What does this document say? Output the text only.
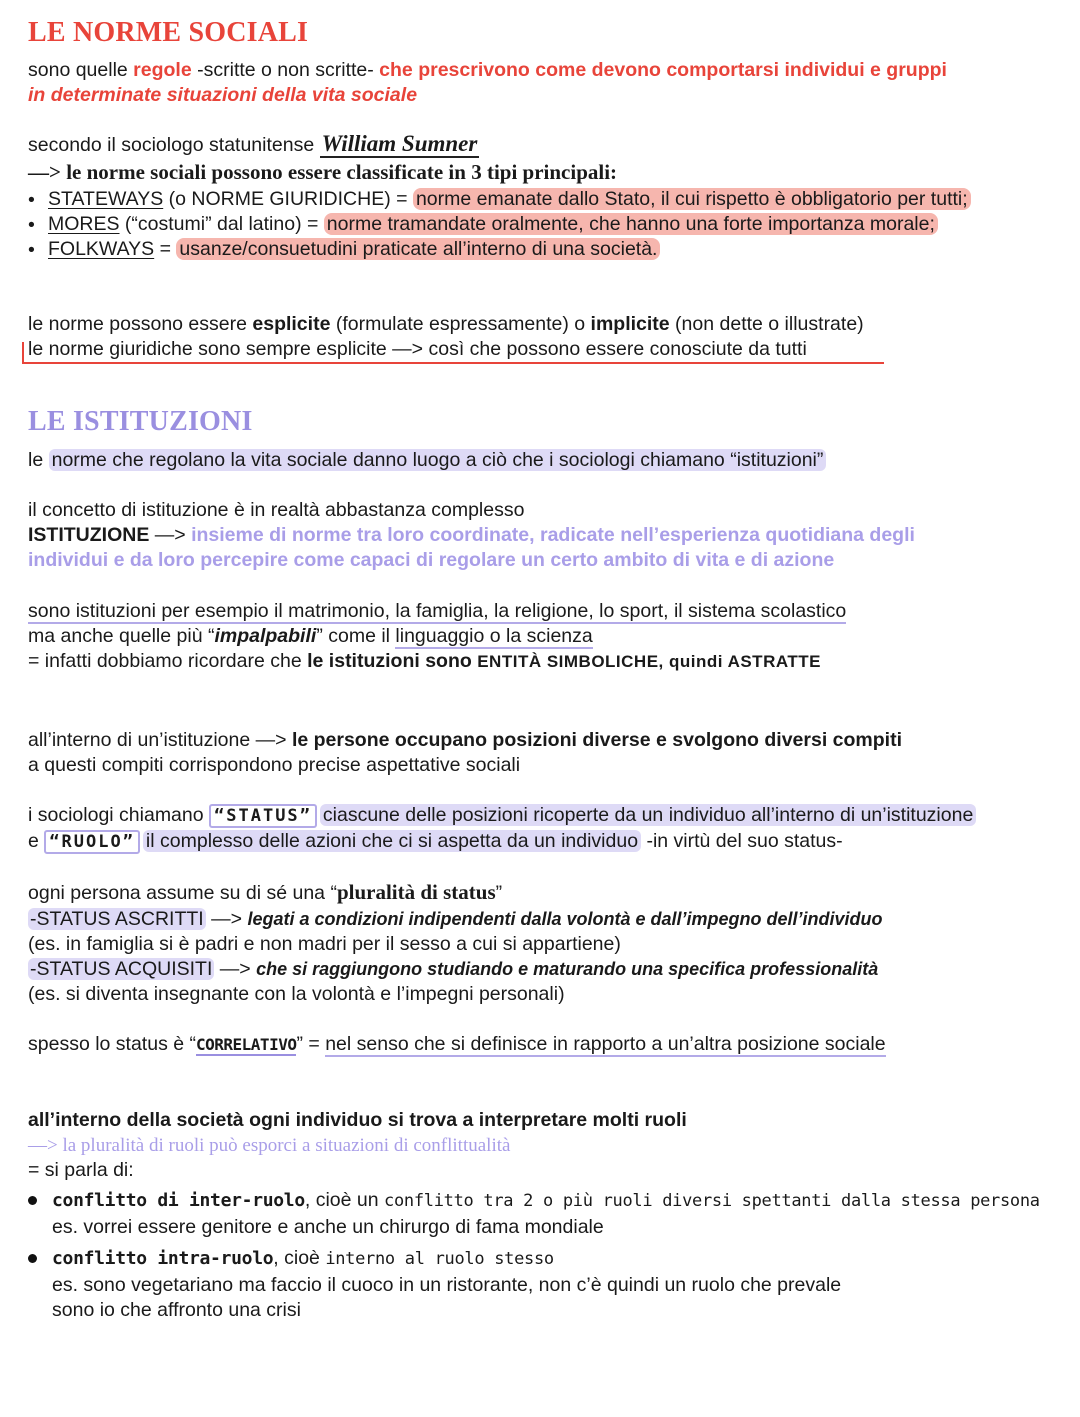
LE NORME SOCIALI
sono quelle regole -scritte o non scritte- che prescrivono come devono comportarsi individui e gruppi
in determinate situazioni della vita sociale
secondo il sociologo statunitense William Sumner
—> le norme sociali possono essere classificate in 3 tipi principali:
• STATEWAYS (o NORME GIURIDICHE) = norme emanate dallo Stato, il cui rispetto è obbligatorio per tutti;
• MORES (“costumi” dal latino) = norme tramandate oralmente, che hanno una forte importanza morale;
• FOLKWAYS = usanze/consuetudini praticate all’interno di una società.
le norme possono essere esplicite (formulate espressamente) o implicite (non dette o illustrate)
le norme giuridiche sono sempre esplicite —> così che possono essere conosciute da tutti
LE ISTITUZIONI
le norme che regolano la vita sociale danno luogo a ciò che i sociologi chiamano “istituzioni”
il concetto di istituzione è in realtà abbastanza complesso
ISTITUZIONE —> insieme di norme tra loro coordinate, radicate nell’esperienza quotidiana degli
individui e da loro percepire come capaci di regolare un certo ambito di vita e di azione
sono istituzioni per esempio il matrimonio, la famiglia, la religione, lo sport, il sistema scolastico
ma anche quelle più “impalpabili” come il linguaggio o la scienza
= infatti dobbiamo ricordare che le istituzioni sono ENTITÀ SIMBOLICHE, quindi ASTRATTE
all’interno di un’istituzione —> le persone occupano posizioni diverse e svolgono diversi compiti
a questi compiti corrispondono precise aspettative sociali
i sociologi chiamano “STATUS” ciascune delle posizioni ricoperte da un individuo all’interno di un’istituzione
e “RUOLO” il complesso delle azioni che ci si aspetta da un individuo -in virtù del suo status-
ogni persona assume su di sé una “pluralità di status”
-STATUS ASCRITTI —> legati a condizioni indipendenti dalla volontà e dall’impegno dell’individuo
(es. in famiglia si è padri e non madri per il sesso a cui si appartiene)
-STATUS ACQUISITI —> che si raggiungono studiando e maturando una specifica professionalità
(es. si diventa insegnante con la volontà e l’impegni personali)
spesso lo status è “CORRELATIVO” = nel senso che si definisce in rapporto a un’altra posizione sociale
all’interno della società ogni individuo si trova a interpretare molti ruoli
—> la pluralità di ruoli può esporci a situazioni di conflittualità
= si parla di:
conflitto di inter-ruolo, cioè un conflitto tra 2 o più ruoli diversi spettanti dalla stessa persona
es. vorrei essere genitore e anche un chirurgo di fama mondiale
conflitto intra-ruolo, cioè interno al ruolo stesso
es. sono vegetariano ma faccio il cuoco in un ristorante, non c’è quindi un ruolo che prevale
sono io che affronto una crisi
